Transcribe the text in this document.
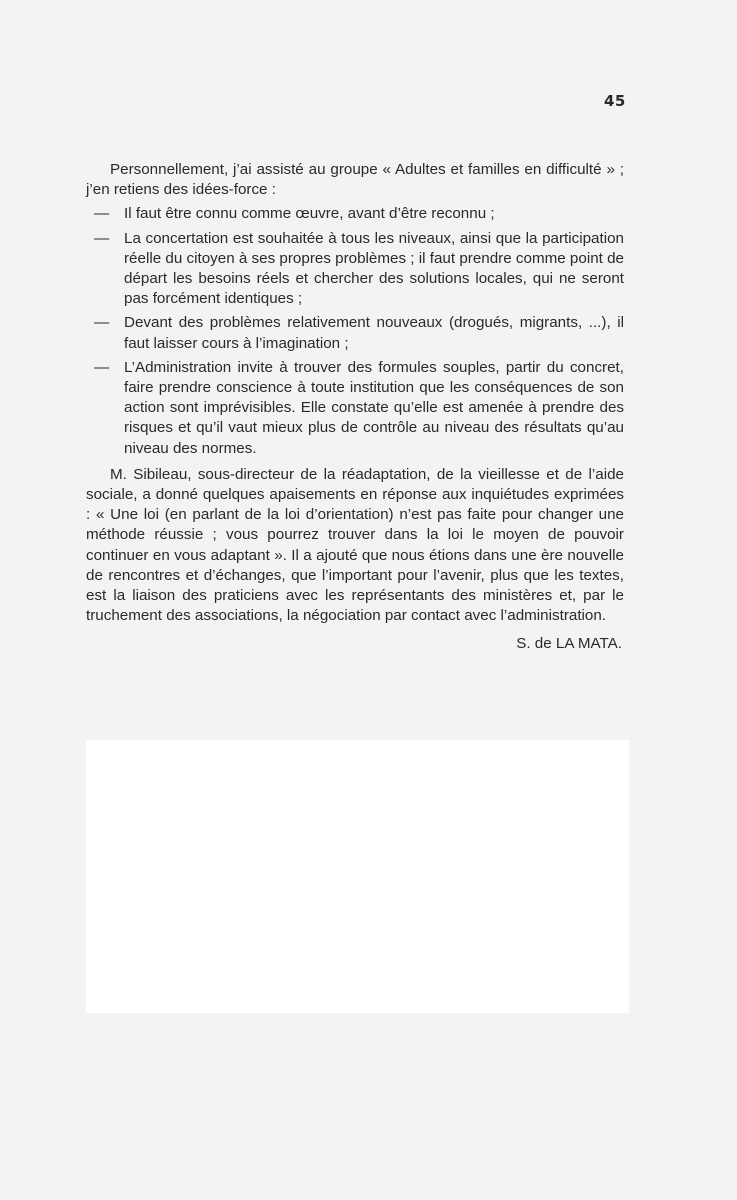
45

Personnellement, j’ai assisté au groupe « Adultes et familles en difficulté » ; j’en retiens des idées-force :

— Il faut être connu comme œuvre, avant d’être reconnu ;
— La concertation est souhaitée à tous les niveaux, ainsi que la participation réelle du citoyen à ses propres problèmes ; il faut prendre comme point de départ les besoins réels et chercher des solutions locales, qui ne seront pas forcément identiques ;
— Devant des problèmes relativement nouveaux (drogués, migrants, ...), il faut laisser cours à l’imagination ;
— L’Administration invite à trouver des formules souples, partir du concret, faire prendre conscience à toute institution que les conséquences de son action sont imprévisibles. Elle constate qu’elle est amenée à prendre des risques et qu’il vaut mieux plus de contrôle au niveau des résultats qu’au niveau des normes.

M. Sibileau, sous-directeur de la réadaptation, de la vieillesse et de l’aide sociale, a donné quelques apaisements en réponse aux inquiétudes exprimées : « Une loi (en parlant de la loi d’orientation) n’est pas faite pour changer une méthode réussie ; vous pourrez trouver dans la loi le moyen de pouvoir continuer en vous adaptant ». Il a ajouté que nous étions dans une ère nouvelle de rencontres et d’échanges, que l’important pour l’avenir, plus que les textes, est la liaison des praticiens avec les représentants des ministères et, par le truchement des associations, la négociation par contact avec l’administration.

S. de LA MATA.
